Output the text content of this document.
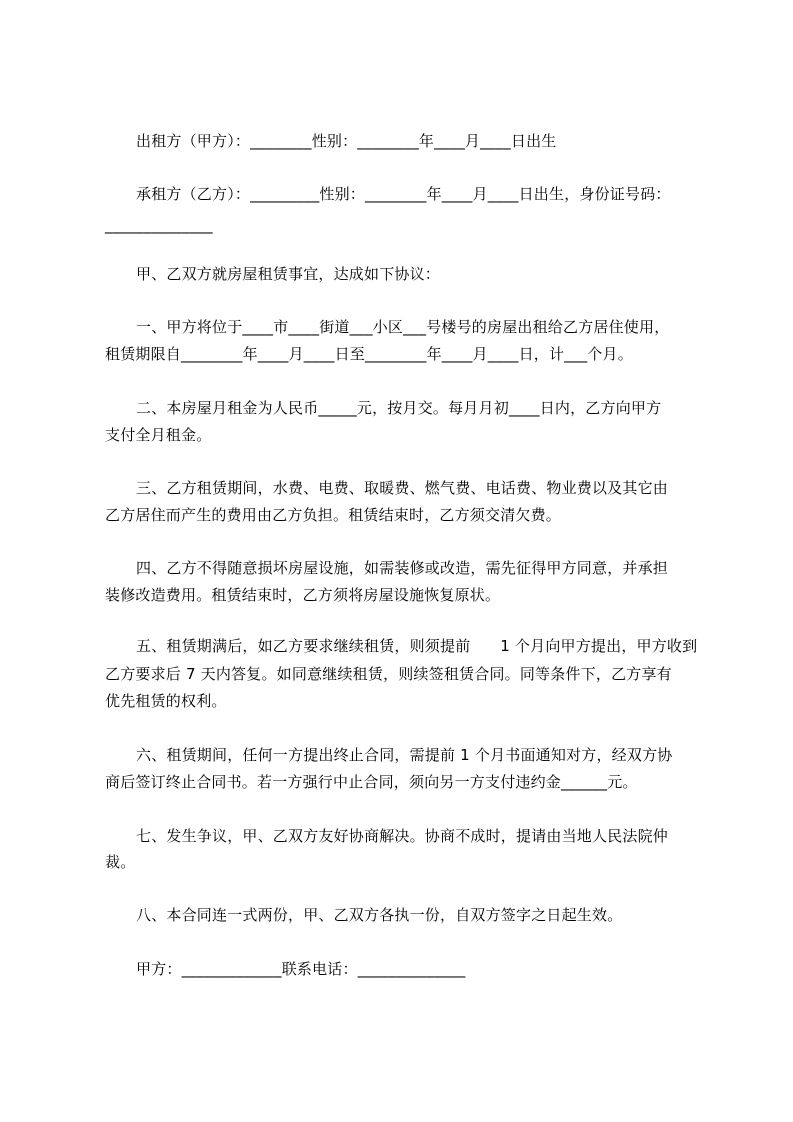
出租方（甲方）：________性别：________年____月____日出生
承租方（乙方）：_________性别：________年____月____日出生，身份证号码：
______________
甲、乙双方就房屋租赁事宜，达成如下协议：
一、甲方将位于____市____街道___小区___号楼号的房屋出租给乙方居住使用，
租赁期限自________年____月____日至________年____月____日，计___个月。
二、本房屋月租金为人民币_____元，按月交。每月月初____日内，乙方向甲方
支付全月租金。
三、乙方租赁期间，水费、电费、取暖费、燃气费、电话费、物业费以及其它由
乙方居住而产生的费用由乙方负担。租赁结束时，乙方须交清欠费。
四、乙方不得随意损坏房屋设施，如需装修或改造，需先征得甲方同意，并承担
装修改造费用。租赁结束时，乙方须将房屋设施恢复原状。
五、租赁期满后，如乙方要求继续租赁，则须提前      1 个月向甲方提出，甲方收到
乙方要求后 7 天内答复。如同意继续租赁，则续签租赁合同。同等条件下，乙方享有
优先租赁的权利。
六、租赁期间，任何一方提出终止合同，需提前 1 个月书面通知对方，经双方协
商后签订终止合同书。若一方强行中止合同，须向另一方支付违约金______元。
七、发生争议，甲、乙双方友好协商解决。协商不成时，提请由当地人民法院仲
裁。
八、本合同连一式两份，甲、乙双方各执一份，自双方签字之日起生效。
甲方：_____________联系电话：______________
